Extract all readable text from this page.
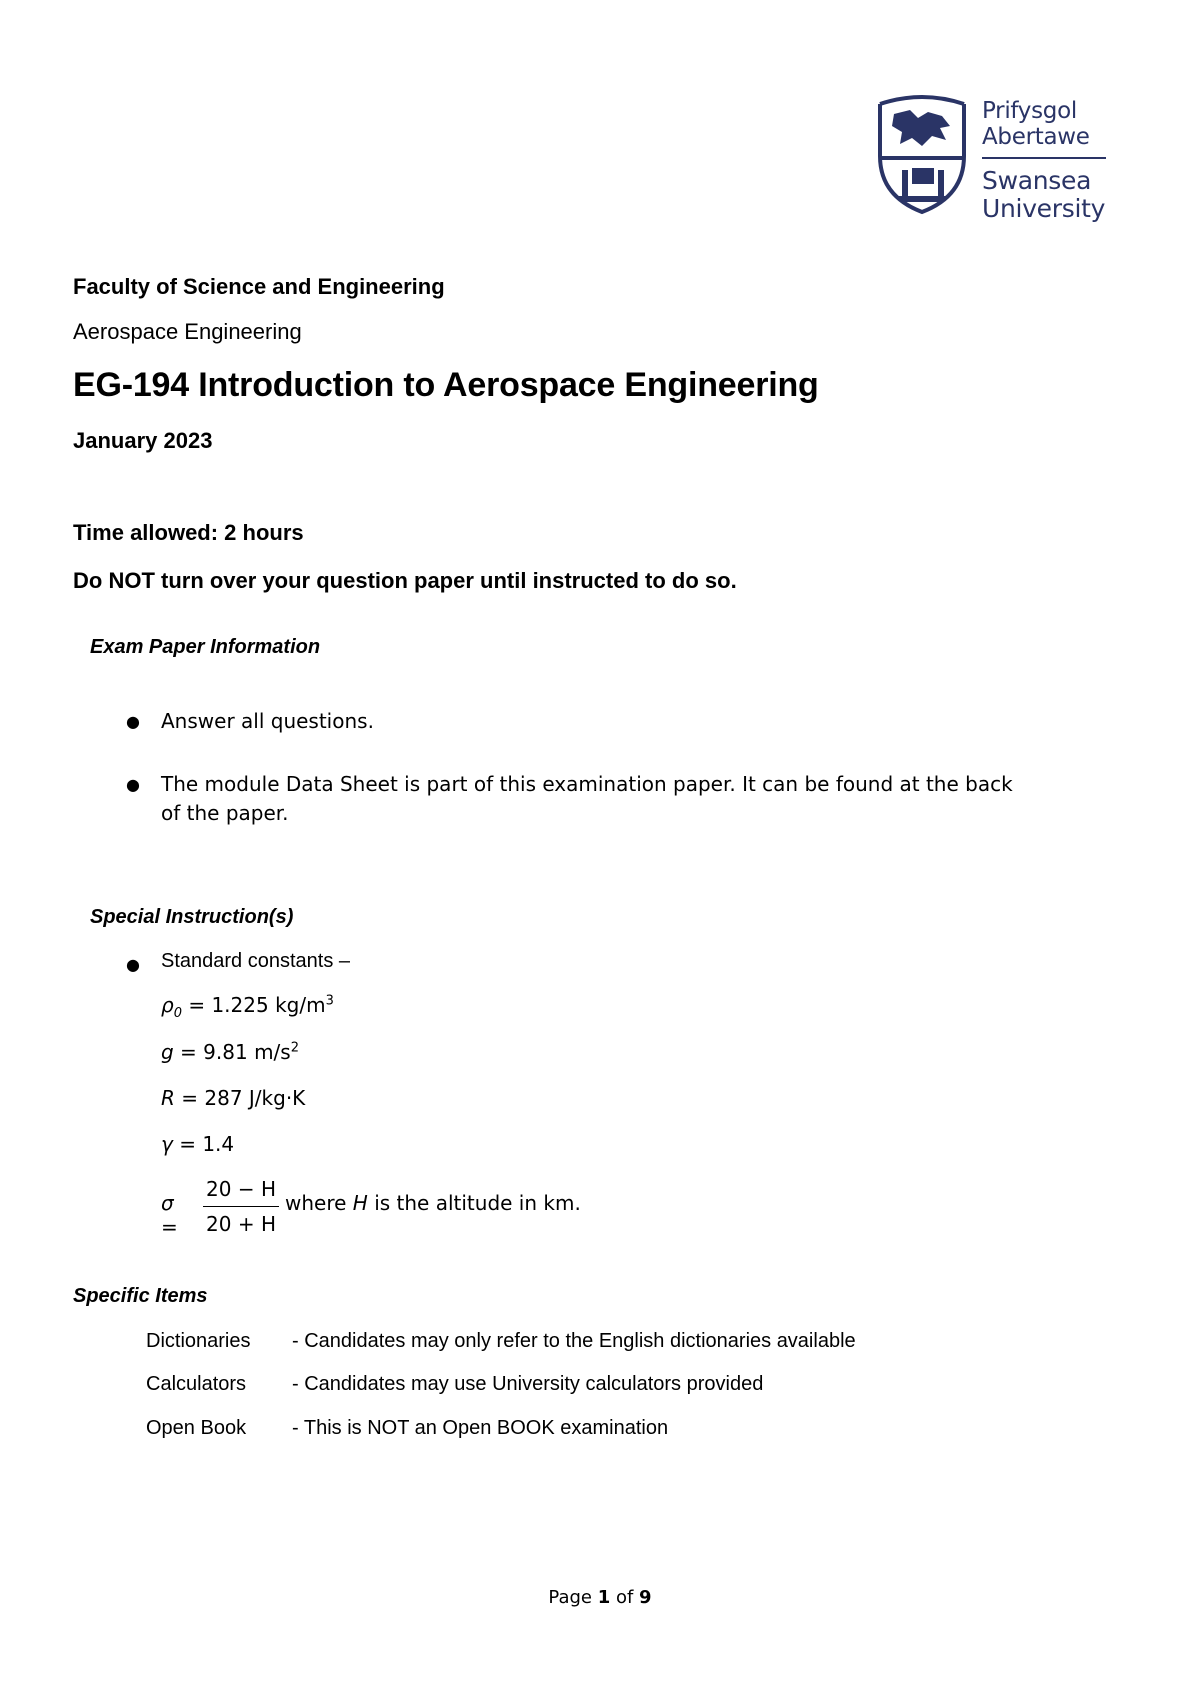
Prifysgol
Abertawe
Swansea
University
Faculty of Science and Engineering
Aerospace Engineering
EG-194 Introduction to Aerospace Engineering
January 2023
Time allowed: 2 hours
Do NOT turn over your question paper until instructed to do so.
Exam Paper Information
● Answer all questions.
● The module Data Sheet is part of this examination paper. It can be found at the back of the paper.
Special Instruction(s)
● Standard constants –
$\rho_0 = 1.225$ $kg/m^3$
g = 9.81 $m/s^2$
R = 287 J/kg·K
γ = 1.4
σ =
20 − H
20 + H
where H is the altitude in km.
Specific Items
Dictionaries - Candidates may only refer to the English dictionaries available
Calculators - Candidates may use University calculators provided
Open Book - This is NOT an Open BOOK examination
Page 1 of 9
